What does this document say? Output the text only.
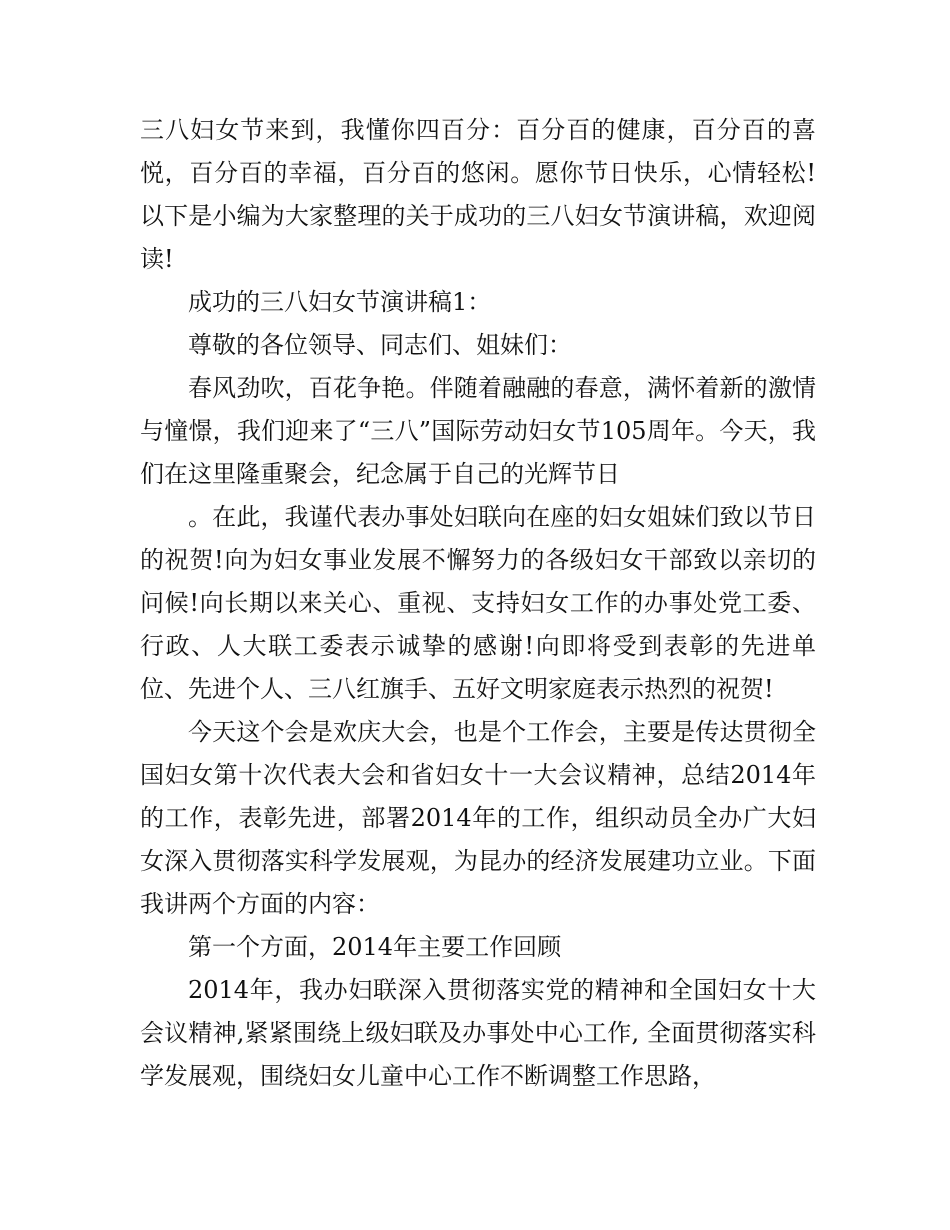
三八妇女节来到，我懂你四百分：百分百的健康，百分百的喜悦，百分百的幸福，百分百的悠闲。愿你节日快乐，心情轻松!以下是小编为大家整理的关于成功的三八妇女节演讲稿，欢迎阅读!

成功的三八妇女节演讲稿1：

尊敬的各位领导、同志们、姐妹们：

春风劲吹，百花争艳。伴随着融融的春意，满怀着新的激情与憧憬，我们迎来了“三八”国际劳动妇女节105周年。今天，我们在这里隆重聚会，纪念属于自己的光辉节日

。在此，我谨代表办事处妇联向在座的妇女姐妹们致以节日的祝贺!向为妇女事业发展不懈努力的各级妇女干部致以亲切的问候!向长期以来关心、重视、支持妇女工作的办事处党工委、行政、人大联工委表示诚挚的感谢!向即将受到表彰的先进单位、先进个人、三八红旗手、五好文明家庭表示热烈的祝贺!

今天这个会是欢庆大会，也是个工作会，主要是传达贯彻全国妇女第十次代表大会和省妇女十一大会议精神，总结2014年的工作，表彰先进，部署2014年的工作，组织动员全办广大妇女深入贯彻落实科学发展观，为昆办的经济发展建功立业。下面我讲两个方面的内容：

第一个方面，2014年主要工作回顾

2014年，我办妇联深入贯彻落实党的精神和全国妇女十大会议精神,紧紧围绕上级妇联及办事处中心工作, 全面贯彻落实科学发展观，围绕妇女儿童中心工作不断调整工作思路，
